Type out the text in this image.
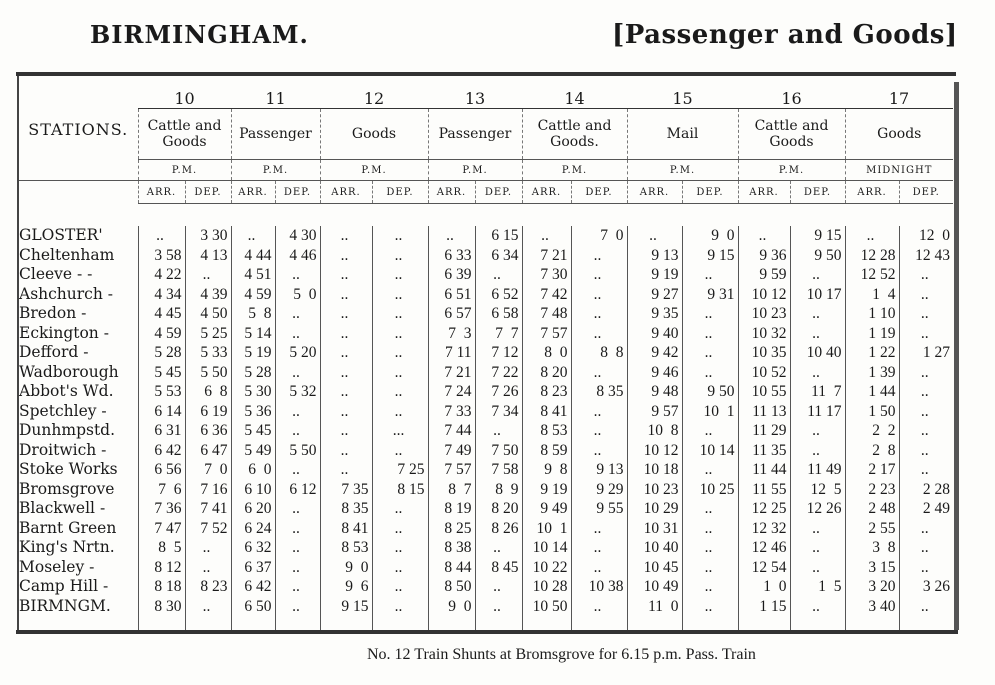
BIRMINGHAM.	[Passenger and Goods]
STATIONS.	10		11		12		13		14		15		16		17	
	Cattle and Goods		Passenger		Goods		Passenger		Cattle and Goods.		Mail		Cattle and Goods		Goods	
	P.M.		P.M.		P.M.		P.M.		P.M.		P.M.		P.M.		MIDNIGHT	
	ARR.	DEP.	ARR.	DEP.	ARR.	DEP.	ARR.	DEP.	ARR.	DEP.	ARR.	DEP.	ARR.	DEP.	ARR.	DEP.

GLOSTER'	..	3 30	..	4 30	..	..	..	6 15	..	7  0	..	9  0	..	9 15	..	12  0
Cheltenham	3 58	4 13	4 44	4 46	..	..	6 33	6 34	7 21	..	9 13	9 15	9 36	9 50	12 28	12 43
Cleeve - -	4 22	..	4 51	..	..	..	6 39	..	7 30	..	9 19	..	9 59	..	12 52	..
Ashchurch -	4 34	4 39	4 59	5  0	..	..	6 51	6 52	7 42	..	9 27	9 31	10 12	10 17	1  4	..
Bredon -	4 45	4 50	5  8	..	..	..	6 57	6 58	7 48	..	9 35	..	10 23	..	1 10	..
Eckington -	4 59	5 25	5 14	..	..	..	7  3	7  7	7 57	..	9 40	..	10 32	..	1 19	..
Defford -	5 28	5 33	5 19	5 20	..	..	7 11	7 12	8  0	8  8	9 42	..	10 35	10 40	1 22	1 27
Wadborough	5 45	5 50	5 28	..	..	..	7 21	7 22	8 20	..	9 46	..	10 52	..	1 39	..
Abbot's Wd.	5 53	6  8	5 30	5 32	..	..	7 24	7 26	8 23	8 35	9 48	9 50	10 55	11  7	1 44	..
Spetchley -	6 14	6 19	5 36	..	..	..	7 33	7 34	8 41	..	9 57	10  1	11 13	11 17	1 50	..
Dunhmpstd.	6 31	6 36	5 45	..	..	...	7 44	..	8 53	..	10  8	..	11 29	..	2  2	..
Droitwich -	6 42	6 47	5 49	5 50	..	..	7 49	7 50	8 59	..	10 12	10 14	11 35	..	2  8	..
Stoke Works	6 56	7  0	6  0	..	..	7 25	7 57	7 58	9  8	9 13	10 18	..	11 44	11 49	2 17	..
Bromsgrove	7  6	7 16	6 10	6 12	7 35	8 15	8  7	8  9	9 19	9 29	10 23	10 25	11 55	12  5	2 23	2 28
Blackwell -	7 36	7 41	6 20	..	8 35	..	8 19	8 20	9 49	9 55	10 29	..	12 25	12 26	2 48	2 49
Barnt Green	7 47	7 52	6 24	..	8 41	..	8 25	8 26	10  1	..	10 31	..	12 32	..	2 55	..
King's Nrtn.	8  5	..	6 32	..	8 53	..	8 38	..	10 14	..	10 40	..	12 46	..	3  8	..
Moseley -	8 12	..	6 37	..	9  0	..	8 44	8 45	10 22	..	10 45	..	12 54	..	3 15	..
Camp Hill -	8 18	8 23	6 42	..	9  6	..	8 50	..	10 28	10 38	10 49	..	1  0	1  5	3 20	3 26
BIRMNGM.	8 30	..	6 50	..	9 15	..	9  0	..	10 50	..	11  0	..	1 15	..	3 40	..

No. 12 Train Shunts at Bromsgrove for 6.15 p.m. Pass. Train
